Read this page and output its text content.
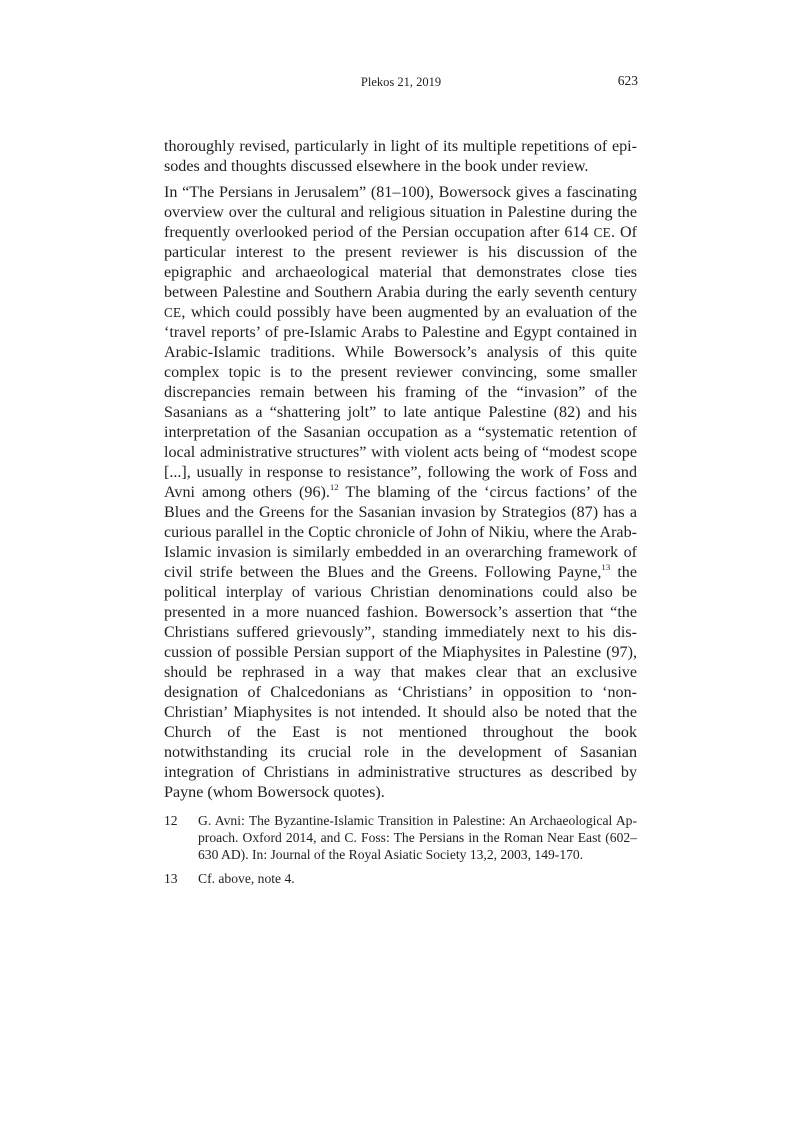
Plekos 21, 2019	623

thoroughly revised, particularly in light of its multiple repetitions of episodes and thoughts discussed elsewhere in the book under review.

In “The Persians in Jerusalem” (81–100), Bowersock gives a fascinating overview over the cultural and religious situation in Palestine during the frequently overlooked period of the Persian occupation after 614 CE. Of particular interest to the present reviewer is his discussion of the epigraphic and archaeological material that demonstrates close ties between Palestine and Southern Arabia during the early seventh century CE, which could possibly have been augmented by an evaluation of the ‘travel reports’ of pre-Islamic Arabs to Palestine and Egypt contained in Arabic-Islamic traditions. While Bowersock’s analysis of this quite complex topic is to the present reviewer convincing, some smaller discrepancies remain between his framing of the “invasion” of the Sasanians as a “shattering jolt” to late antique Palestine (82) and his interpretation of the Sasanian occupation as a “systematic retention of local administrative structures” with violent acts being of “modest scope [...], usually in response to resistance”, following the work of Foss and Avni among others (96).$^{12}$ The blaming of the ‘circus factions’ of the Blues and the Greens for the Sasanian invasion by Strategios (87) has a curious parallel in the Coptic chronicle of John of Nikiu, where the Arab-Islamic invasion is similarly embedded in an overarching framework of civil strife between the Blues and the Greens. Following Payne,$^{13}$ the political interplay of various Christian denominations could also be presented in a more nuanced fashion. Bowersock’s assertion that “the Christians suffered grievously”, standing immediately next to his discussion of possible Persian support of the Miaphysites in Palestine (97), should be rephrased in a way that makes clear that an exclusive designation of Chalcedonians as ‘Christians’ in opposition to ‘non-Christian’ Miaphysites is not intended. It should also be noted that the Church of the East is not mentioned throughout the book notwithstanding its crucial role in the development of Sasanian integration of Christians in administrative structures as described by Payne (whom Bowersock quotes).

12	G. Avni: The Byzantine-Islamic Transition in Palestine: An Archaeological Approach. Oxford 2014, and C. Foss: The Persians in the Roman Near East (602–630 AD). In: Journal of the Royal Asiatic Society 13,2, 2003, 149-170.
13	Cf. above, note 4.
